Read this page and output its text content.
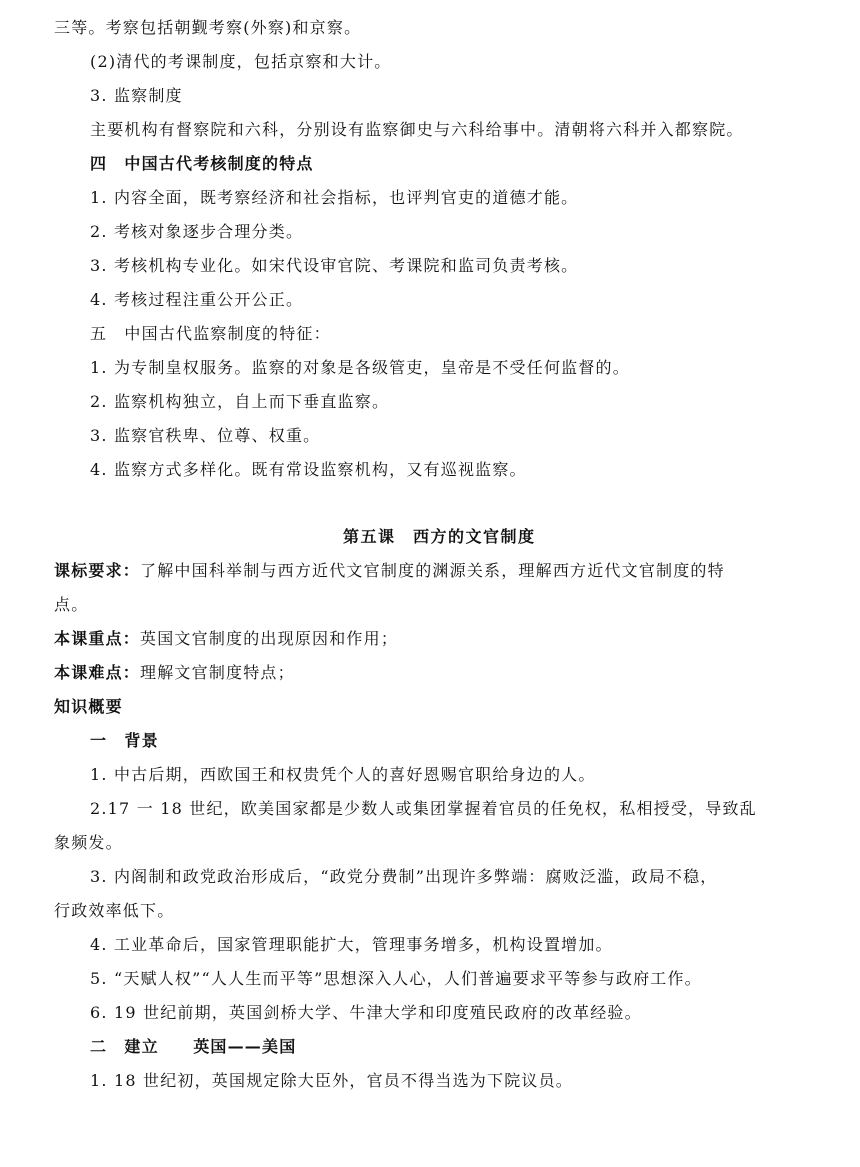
三等。考察包括朝觐考察(外察)和京察。
(2)清代的考课制度，包括京察和大计。
3. 监察制度
主要机构有督察院和六科，分别设有监察御史与六科给事中。清朝将六科并入都察院。
四　中国古代考核制度的特点
1. 内容全面，既考察经济和社会指标，也评判官吏的道德才能。
2. 考核对象逐步合理分类。
3. 考核机构专业化。如宋代设审官院、考课院和监司负责考核。
4. 考核过程注重公开公正。
五　中国古代监察制度的特征：
1. 为专制皇权服务。监察的对象是各级管吏，皇帝是不受任何监督的。
2. 监察机构独立，自上而下垂直监察。
3. 监察官秩卑、位尊、权重。
4. 监察方式多样化。既有常设监察机构，又有巡视监察。
第五课　西方的文官制度
课标要求：了解中国科举制与西方近代文官制度的渊源关系，理解西方近代文官制度的特
点。
本课重点：英国文官制度的出现原因和作用；
本课难点：理解文官制度特点；
知识概要
一　背景
1. 中古后期，西欧国王和权贵凭个人的喜好恩赐官职给身边的人。
2.17 一 18 世纪，欧美国家都是少数人或集团掌握着官员的任免权，私相授受，导致乱
象频发。
3. 内阁制和政党政治形成后，“政党分费制”出现许多弊端：腐败泛滥，政局不稳，
行政效率低下。
4. 工业革命后，国家管理职能扩大，管理事务增多，机构设置增加。
5. “天赋人权”“人人生而平等”思想深入人心，人们普遍要求平等参与政府工作。
6. 19 世纪前期，英国剑桥大学、牛津大学和印度殖民政府的改革经验。
二　建立　　英国——美国
1. 18 世纪初，英国规定除大臣外，官员不得当选为下院议员。
